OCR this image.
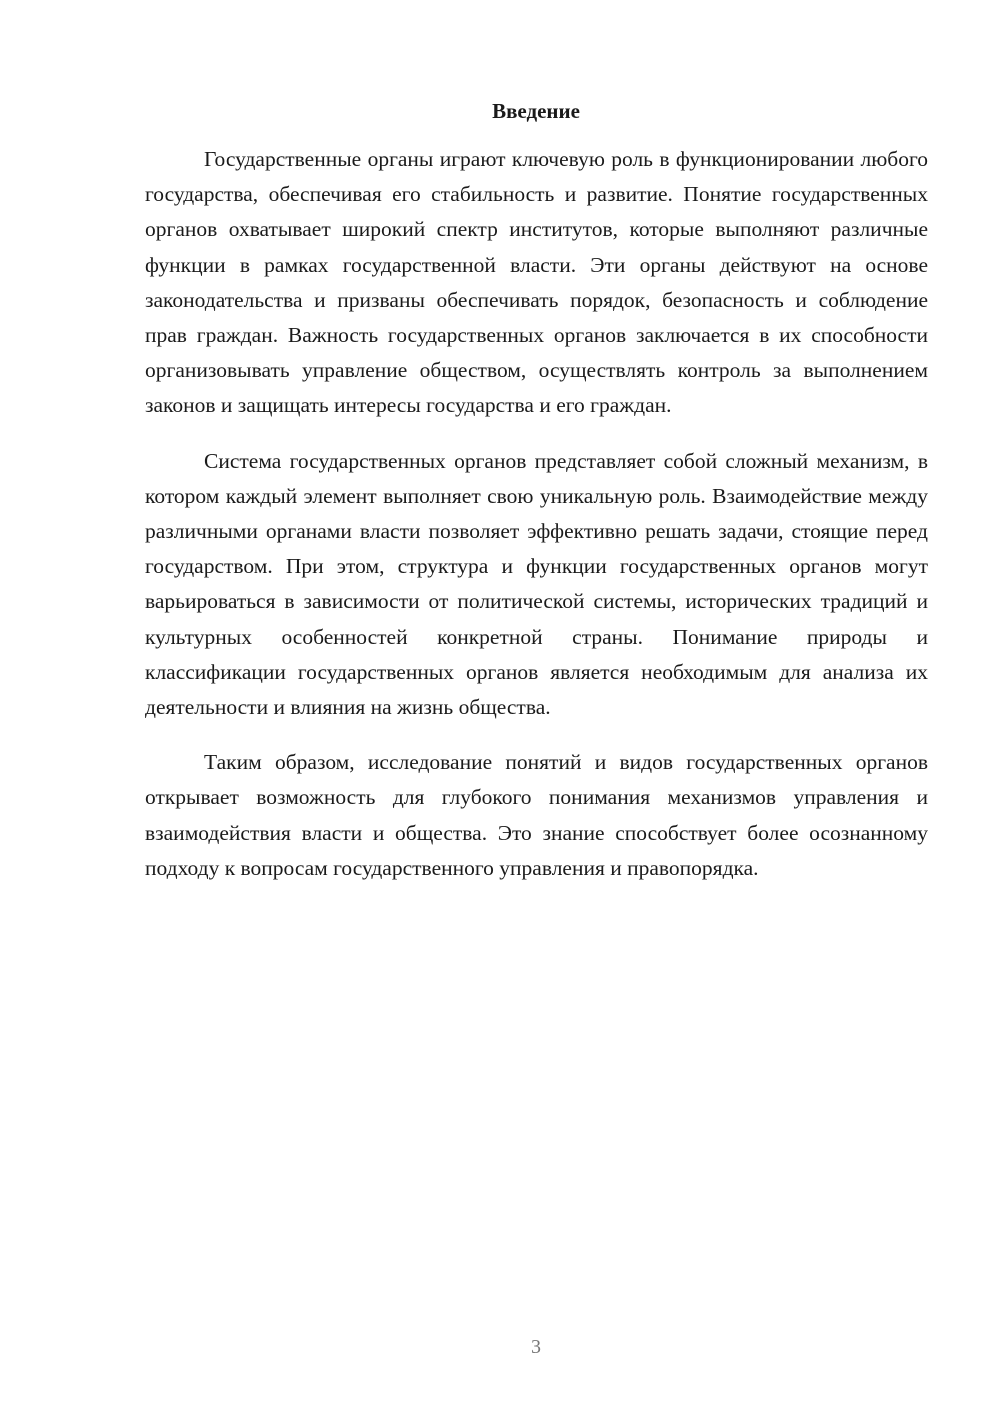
Введение

Государственные органы играют ключевую роль в функционировании любого государства, обеспечивая его стабильность и развитие. Понятие государственных органов охватывает широкий спектр институтов, которые выполняют различные функции в рамках государственной власти. Эти органы действуют на основе законодательства и призваны обеспечивать порядок, безопасность и соблюдение прав граждан. Важность государственных органов заключается в их способности организовывать управление обществом, осуществлять контроль за выполнением законов и защищать интересы государства и его граждан.

Система государственных органов представляет собой сложный механизм, в котором каждый элемент выполняет свою уникальную роль. Взаимодействие между различными органами власти позволяет эффективно решать задачи, стоящие перед государством. При этом, структура и функции государственных органов могут варьироваться в зависимости от политической системы, исторических традиций и культурных особенностей конкретной страны. Понимание природы и классификации государственных органов является необходимым для анализа их деятельности и влияния на жизнь общества.

Таким образом, исследование понятий и видов государственных органов открывает возможность для глубокого понимания механизмов управления и взаимодействия власти и общества. Это знание способствует более осознанному подходу к вопросам государственного управления и правопорядка.

3
